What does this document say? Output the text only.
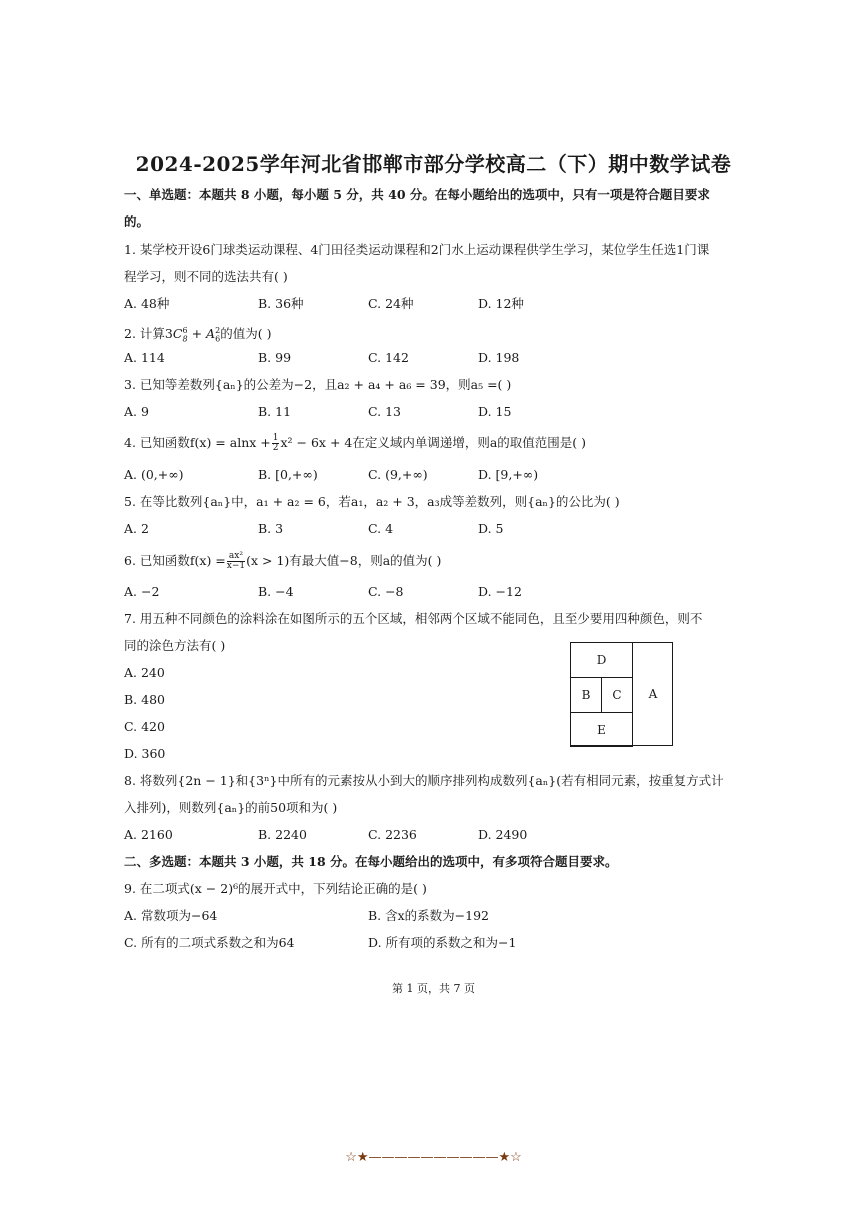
2024-2025学年河北省邯郸市部分学校高二（下）期中数学试卷
一、单选题：本题共 8 小题，每小题 5 分，共 40 分。在每小题给出的选项中，只有一项是符合题目要求
的。
1. 某学校开设6门球类运动课程、4门田径类运动课程和2门水上运动课程供学生学习，某位学生任选1门课
程学习，则不同的选法共有( )
A. 48种	B. 36种	C. 24种	D. 12种
2. 计算$3C_8^6 + A_6^2$的值为( )
A. 114	B. 99	C. 142	D. 198
3. 已知等差数列{aₙ}的公差为−2，且a₂ + a₄ + a₆ = 39，则a₅ =( )
A. 9	B. 11	C. 13	D. 15
4. 已知函数$f(x) = alnx + \frac{1}{2} x^2 - 6x + 4$在定义域内单调递增，则a的取值范围是( )
A. (0,+∞)	B. [0,+∞)	C. (9,+∞)	D. [9,+∞)
5. 在等比数列{aₙ}中，a₁ + a₂ = 6，若a₁，a₂ + 3，a₃成等差数列，则{aₙ}的公比为( )
A. 2	B. 3	C. 4	D. 5
6. 已知函数$f(x) = \frac{\text{ax²}}{x-1} (x > 1)$有最大值−8，则a的值为( )
A. −2	B. −4	C. −8	D. −12
7. 用五种不同颜色的涂料涂在如图所示的五个区域，相邻两个区域不能同色，且至少要用四种颜色，则不
同的涂色方法有( )
A. 240
B. 480
C. 420
D. 360
D
B	C
E
A
8. 将数列{2n − 1}和{3ⁿ}中所有的元素按从小到大的顺序排列构成数列{aₙ}(若有相同元素，按重复方式计
入排列)，则数列{aₙ}的前50项和为( )
A. 2160	B. 2240	C. 2236	D. 2490
二、多选题：本题共 3 小题，共 18 分。在每小题给出的选项中，有多项符合题目要求。
9. 在二项式(x − 2)⁶的展开式中，下列结论正确的是( )
A. 常数项为−64	B. 含x的系数为−192
C. 所有的二项式系数之和为64	D. 所有项的系数之和为−1
第 1 页，共 7 页
☆★——————————★☆
